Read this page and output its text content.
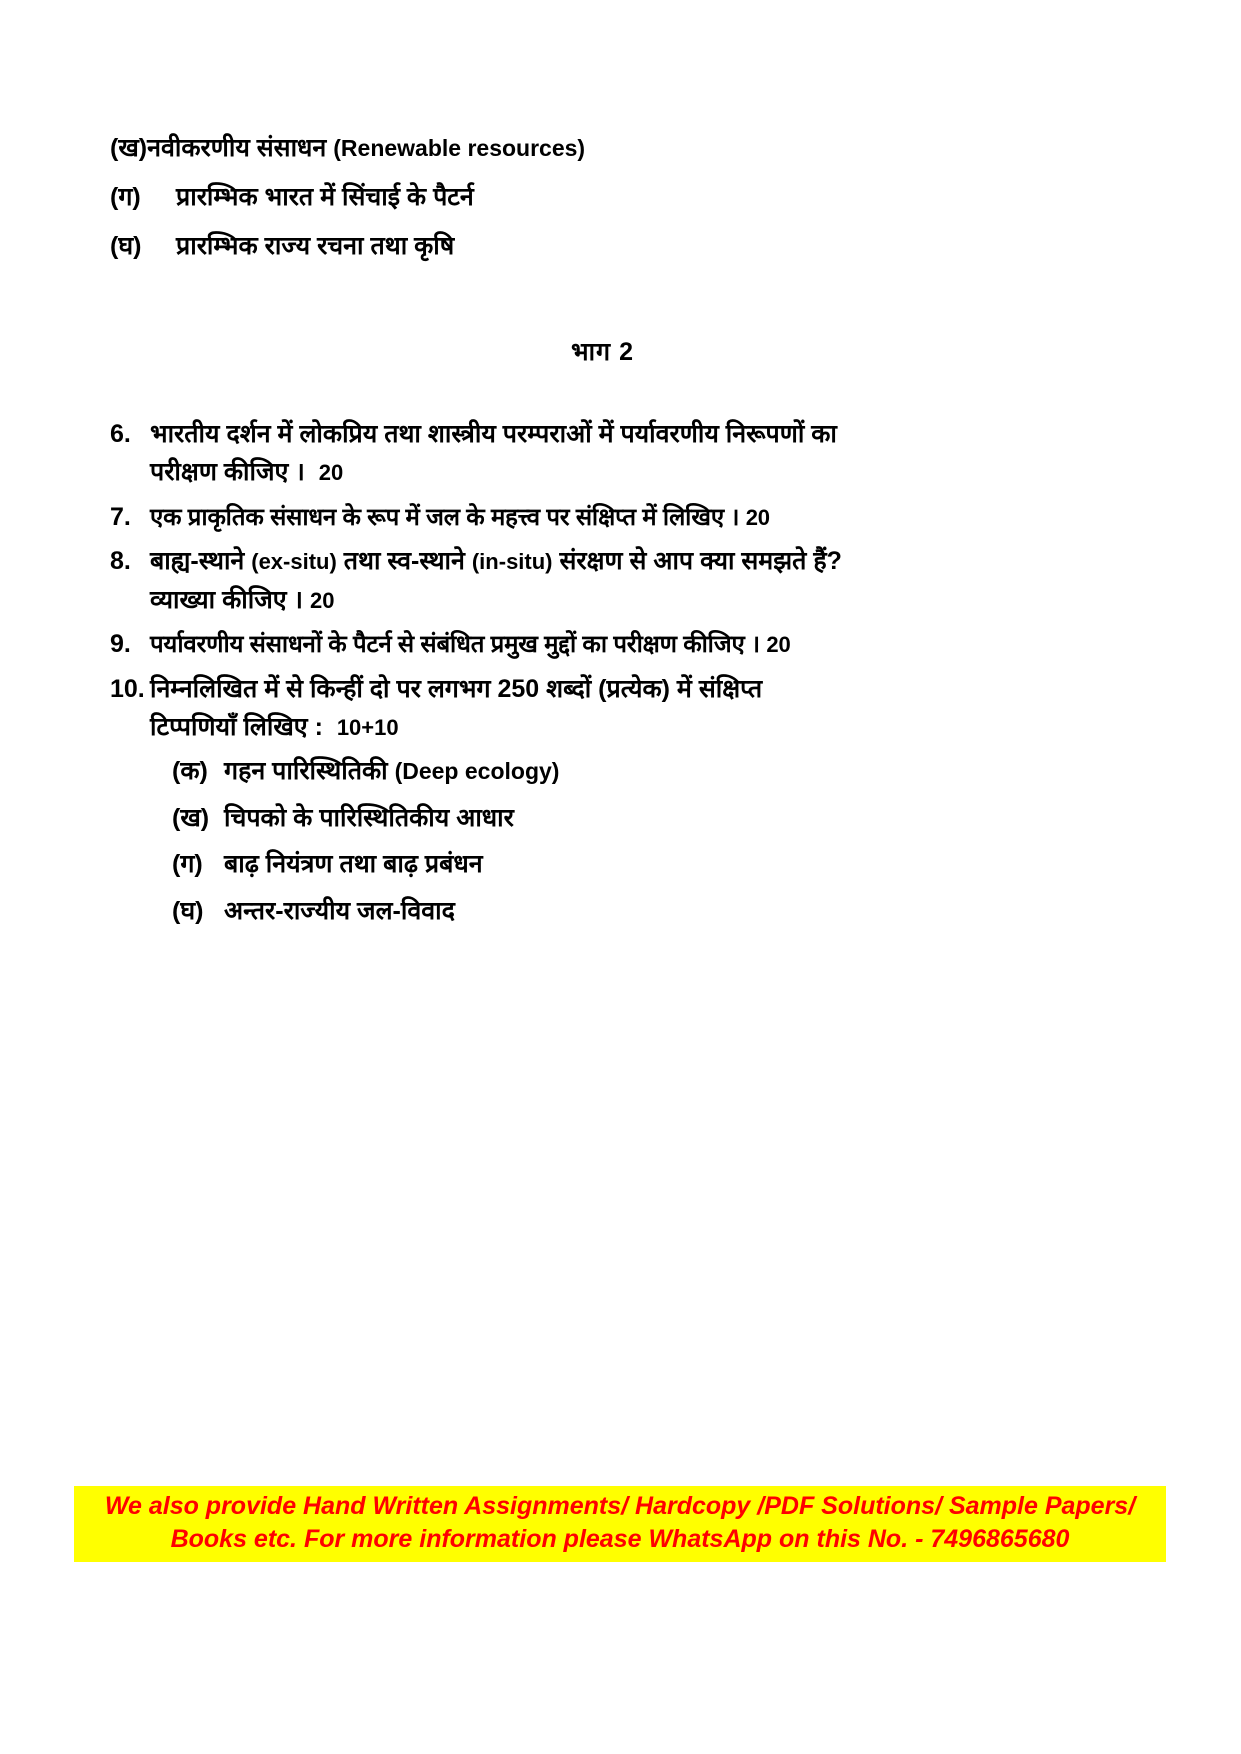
(ख) नवीकरणीय संसाधन (Renewable resources)
(ग)	प्रारम्भिक भारत में सिंचाई के पैटर्न
(घ)	प्रारम्भिक राज्य रचना तथा कृषि
भाग 2
6. भारतीय दर्शन में लोकप्रिय तथा शास्त्रीय परम्पराओं में पर्यावरणीय निरूपणों का
परीक्षण कीजिए । 20
7. एक प्राकृतिक संसाधन के रूप में जल के महत्त्व पर संक्षिप्त में लिखिए । 20
8. बाह्य-स्थाने (ex-situ) तथा स्व-स्थाने (in-situ) संरक्षण से आप क्या समझते हैं?
व्याख्या कीजिए । 20
9. पर्यावरणीय संसाधनों के पैटर्न से संबंधित प्रमुख मुद्दों का परीक्षण कीजिए । 20
10. निम्नलिखित में से किन्हीं दो पर लगभग 250 शब्दों (प्रत्येक) में संक्षिप्त
टिप्पणियाँ लिखिए : 10+10
(क) गहन पारिस्थितिकी (Deep ecology)
(ख) चिपको के पारिस्थितिकीय आधार
(ग) बाढ़ नियंत्रण तथा बाढ़ प्रबंधन
(घ) अन्तर-राज्यीय जल-विवाद
We also provide Hand Written Assignments/ Hardcopy /PDF Solutions/ Sample Papers/
Books etc. For more information please WhatsApp on this No. - 7496865680
